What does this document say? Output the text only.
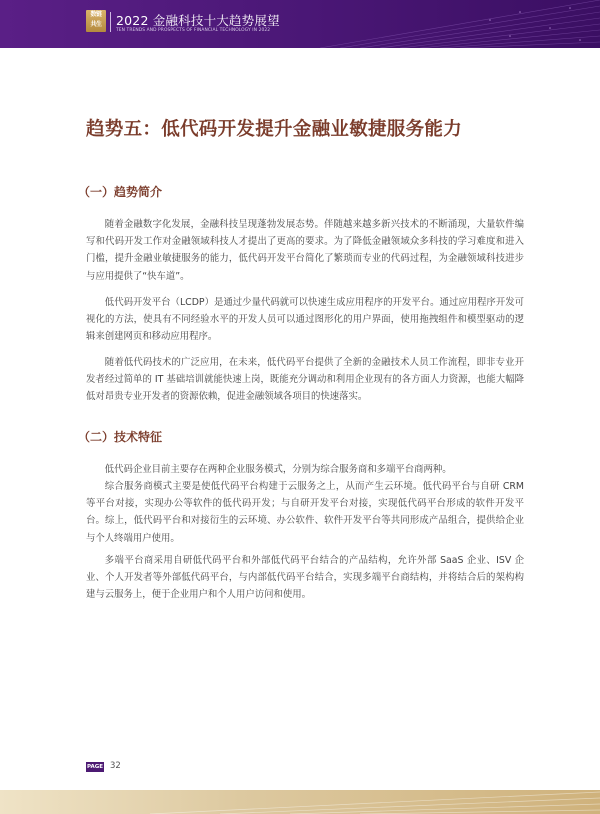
数链
共生	2022 金融科技十大趋势展望
TEN TRENDS AND PROSPECTS OF FINANCIAL TECHNOLOGY IN 2022
趋势五：低代码开发提升金融业敏捷服务能力
（一）趋势简介

随着金融数字化发展，金融科技呈现蓬勃发展态势。伴随越来越多新兴技术的不断涌现，大量软件编写和代码开发工作对金融领域科技人才提出了更高的要求。为了降低金融领域众多科技的学习难度和进入门槛，提升金融业敏捷服务的能力，低代码开发平台简化了繁琐而专业的代码过程，为金融领域科技进步与应用提供了“快车道”。

低代码开发平台（LCDP）是通过少量代码就可以快速生成应用程序的开发平台。通过应用程序开发可视化的方法，使具有不同经验水平的开发人员可以通过图形化的用户界面，使用拖拽组件和模型驱动的逻辑来创建网页和移动应用程序。

随着低代码技术的广泛应用，在未来，低代码平台提供了全新的金融技术人员工作流程，即非专业开发者经过简单的 IT 基础培训就能快速上岗，既能充分调动和利用企业现有的各方面人力资源，也能大幅降低对昂贵专业开发者的资源依赖，促进金融领域各项目的快速落实。

（二）技术特征

低代码企业目前主要存在两种企业服务模式，分别为综合服务商和多端平台商两种。

综合服务商模式主要是使低代码平台构建于云服务之上，从而产生云环境。低代码平台与自研 CRM 等平台对接，实现办公等软件的低代码开发；与自研开发平台对接，实现低代码平台形成的软件开发平台。综上，低代码平台和对接衍生的云环境、办公软件、软件开发平台等共同形成产品组合，提供给企业与个人终端用户使用。

多端平台商采用自研低代码平台和外部低代码平台结合的产品结构，允许外部 SaaS 企业、ISV 企业、个人开发者等外部低代码平台，与内部低代码平台结合，实现多端平台商结构，并将结合后的架构构建与云服务上，便于企业用户和个人用户访问和使用。

PAGE 32
